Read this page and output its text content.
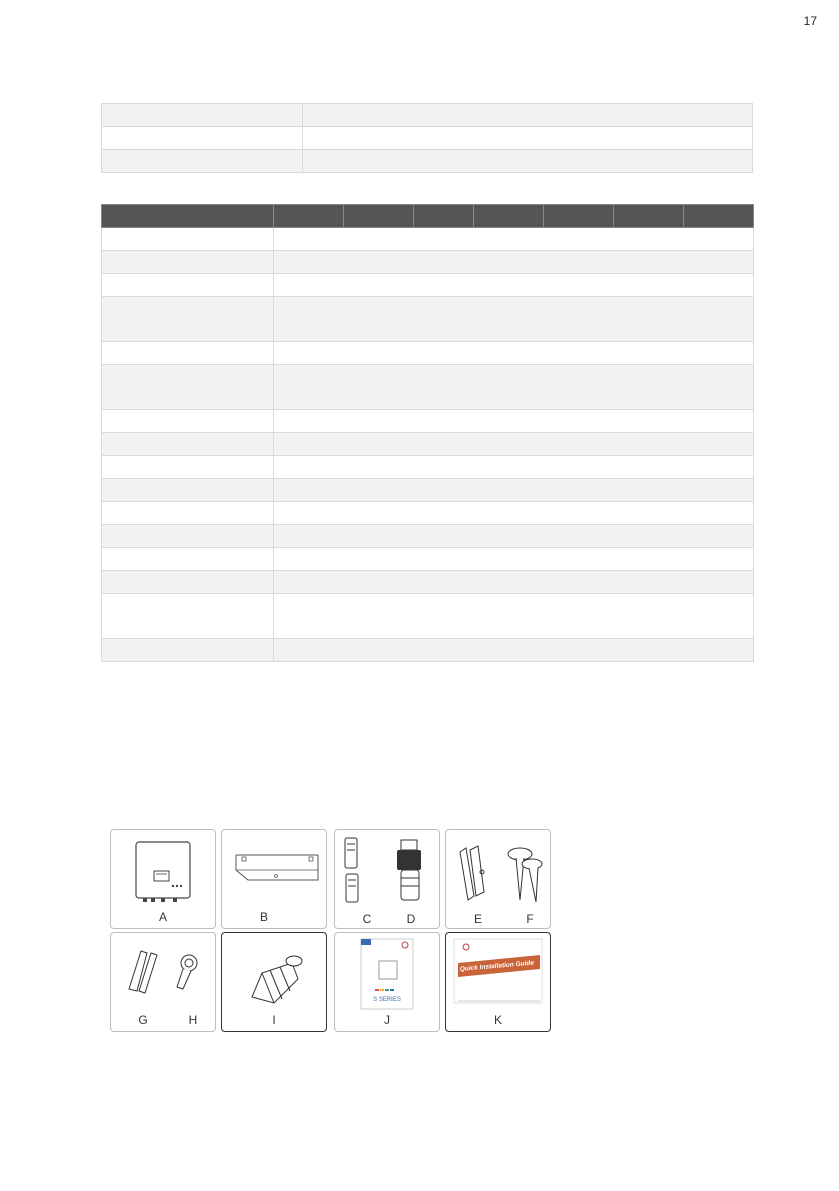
17

A	B	C	D	E	F
G	H	I
S SERIES
J
Quick Installation Guide
K
